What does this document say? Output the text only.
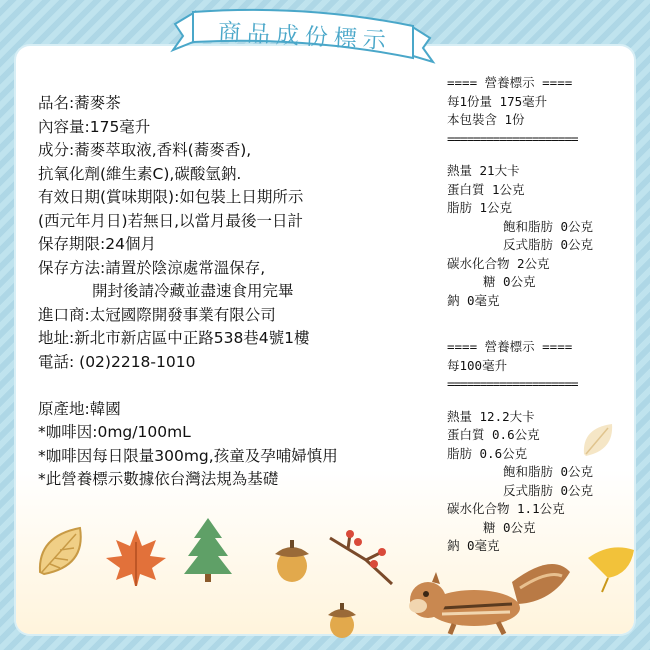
商品成份標示
品名:蕎麥茶
內容量:175毫升
成分:蕎麥萃取液,香料(蕎麥香),
抗氧化劑(維生素C),碳酸氫鈉.
有效日期(賞味期限):如包裝上日期所示
(西元年月日)若無日,以當月最後一日計
保存期限:24個月
保存方法:請置於陰涼處常溫保存,
開封後請冷藏並盡速食用完畢
進口商:太冠國際開發事業有限公司
地址:新北市新店區中正路538巷4號1樓
電話: (02)2218-1010
原產地:韓國
*咖啡因:0mg/100mL
*咖啡因每日限量300mg,孩童及孕哺婦慎用
*此營養標示數據依台灣法規為基礎
==== 營養標示 ====
每1份量 175毫升
本包裝含 1份
====================
熱量 21大卡
蛋白質 1公克
脂肪 1公克
飽和脂肪 0公克
反式脂肪 0公克
碳水化合物 2公克
糖 0公克
鈉 0毫克
==== 營養標示 ====
每100毫升
====================
熱量 12.2大卡
蛋白質 0.6公克
脂肪 0.6公克
飽和脂肪 0公克
反式脂肪 0公克
碳水化合物 1.1公克
糖 0公克
鈉 0毫克
